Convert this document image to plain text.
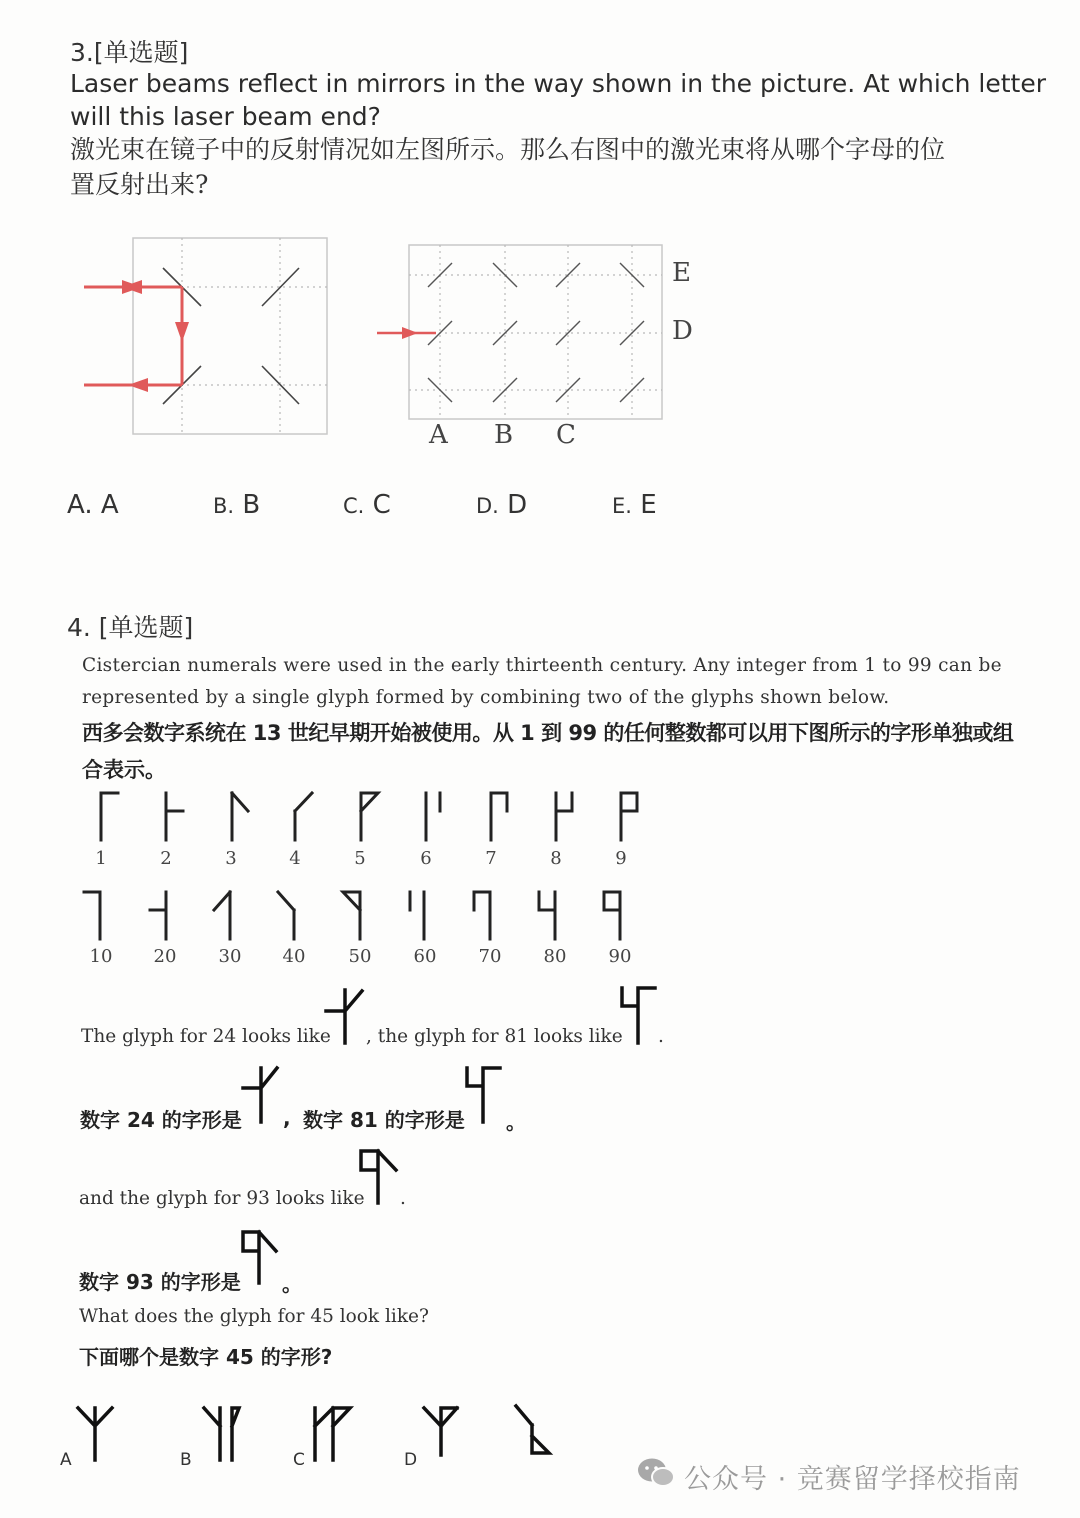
3.[单选题]
Laser beams reflect in mirrors in the way shown in the picture. At which letter
will this laser beam end?
激光束在镜子中的反射情况如左图所示。那么右图中的激光束将从哪个字母的位
置反射出来?
E
D
A B C
A. A	B. B	C. C	D. D	E. E
4. [单选题]
Cistercian numerals were used in the early thirteenth century. Any integer from 1 to 99 can be
represented by a single glyph formed by combining two of the glyphs shown below.
西多会数字系统在 13 世纪早期开始被使用。从 1 到 99 的任何整数都可以用下图所示的字形单独或组
合表示。
1	2	3	4	5	6	7	8	9
10	20	30	40	50	60	70	80	90
The glyph for 24 looks like , the glyph for 81 looks like .
数字 24 的字形是 , 数字 81 的字形是 。
and the glyph for 93 looks like .
数字 93 的字形是 。
What does the glyph for 45 look like?
下面哪个是数字 45 的字形?
A	B	C	D
公众号 · 竞赛留学择校指南
